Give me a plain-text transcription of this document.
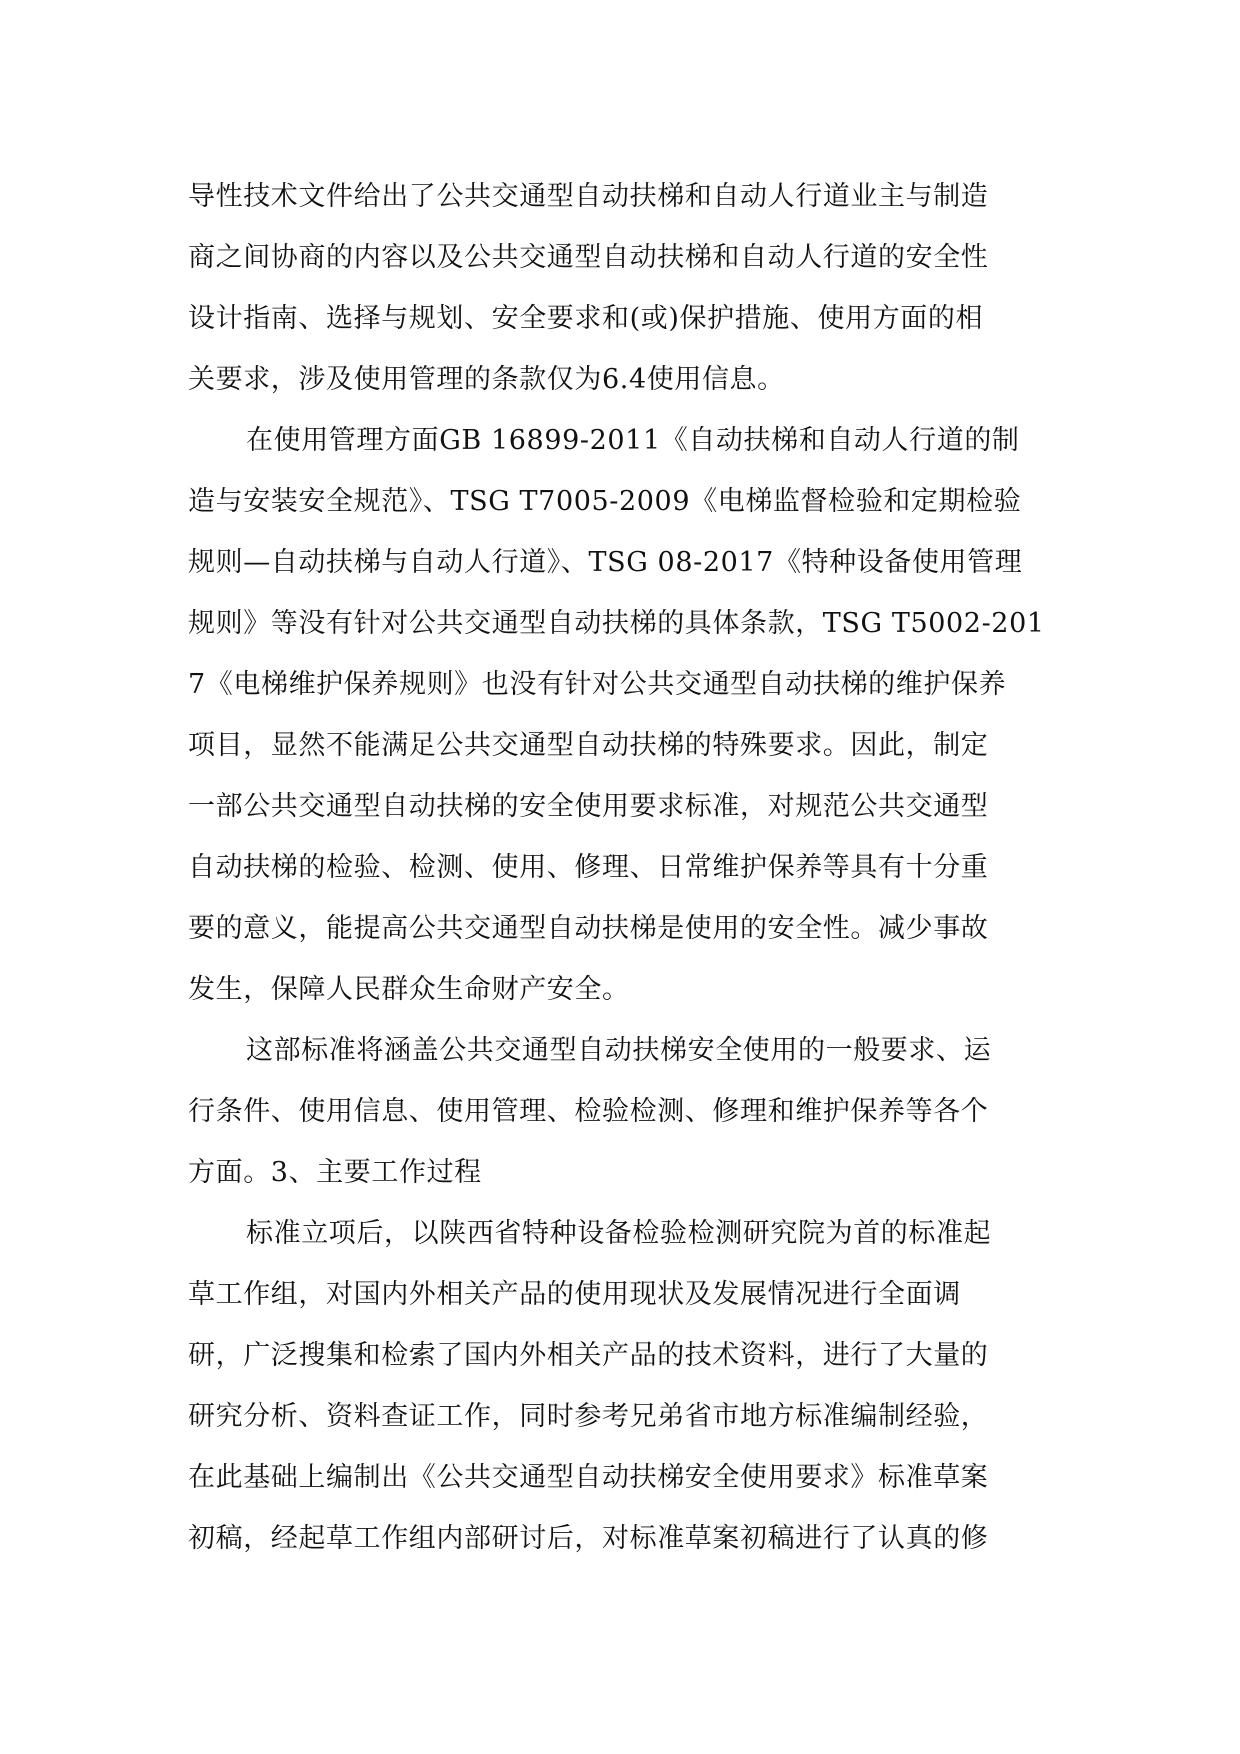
导性技术文件给出了公共交通型自动扶梯和自动人行道业主与制造
商之间协商的内容以及公共交通型自动扶梯和自动人行道的安全性
设计指南、选择与规划、安全要求和(或)保护措施、使用方面的相
关要求，涉及使用管理的条款仅为6.4使用信息。
在使用管理方面GB 16899-2011《自动扶梯和自动人行道的制
造与安装安全规范》、TSG T7005-2009《电梯监督检验和定期检验
规则—自动扶梯与自动人行道》、TSG 08-2017《特种设备使用管理
规则》等没有针对公共交通型自动扶梯的具体条款，TSG T5002-201
7《电梯维护保养规则》也没有针对公共交通型自动扶梯的维护保养
项目，显然不能满足公共交通型自动扶梯的特殊要求。因此，制定
一部公共交通型自动扶梯的安全使用要求标准，对规范公共交通型
自动扶梯的检验、检测、使用、修理、日常维护保养等具有十分重
要的意义，能提高公共交通型自动扶梯是使用的安全性。减少事故
发生，保障人民群众生命财产安全。
这部标准将涵盖公共交通型自动扶梯安全使用的一般要求、运
行条件、使用信息、使用管理、检验检测、修理和维护保养等各个
方面。3、主要工作过程
标准立项后，以陕西省特种设备检验检测研究院为首的标准起
草工作组，对国内外相关产品的使用现状及发展情况进行全面调
研，广泛搜集和检索了国内外相关产品的技术资料，进行了大量的
研究分析、资料查证工作，同时参考兄弟省市地方标准编制经验，
在此基础上编制出《公共交通型自动扶梯安全使用要求》标准草案
初稿，经起草工作组内部研讨后，对标准草案初稿进行了认真的修
